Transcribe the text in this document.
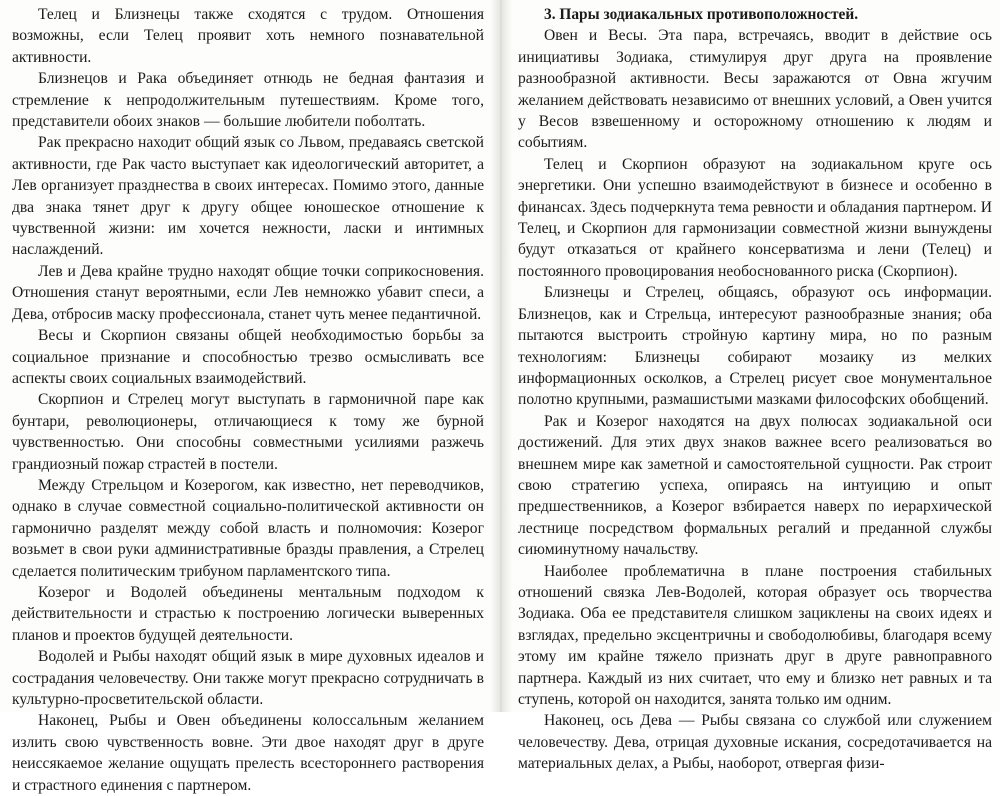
Телец и Близнецы также сходятся с трудом. Отношения возможны, если Телец проявит хоть немного познавательной активности.

Близнецов и Рака объединяет отнюдь не бедная фантазия и стремление к непродолжительным путешествиям. Кроме того, представители обоих знаков — большие любители поболтать.

Рак прекрасно находит общий язык со Львом, предаваясь светской активности, где Рак часто выступает как идеологический авторитет, а Лев организует празднества в своих интересах. Помимо этого, данные два знака тянет друг к другу общее юношеское отношение к чувственной жизни: им хочется нежности, ласки и интимных наслаждений.

Лев и Дева крайне трудно находят общие точки соприкосновения. Отношения станут вероятными, если Лев немножко убавит спеси, а Дева, отбросив маску профессионала, станет чуть менее педантичной.

Весы и Скорпион связаны общей необходимостью борьбы за социальное признание и способностью трезво осмысливать все аспекты своих социальных взаимодействий.

Скорпион и Стрелец могут выступать в гармоничной паре как бунтари, революционеры, отличающиеся к тому же бурной чувственностью. Они способны совместными усилиями разжечь грандиозный пожар страстей в постели.

Между Стрельцом и Козерогом, как известно, нет переводчиков, однако в случае совместной социально-политической активности он гармонично разделят между собой власть и полномочия: Козерог возьмет в свои руки административные бразды правления, а Стрелец сделается политическим трибуном парламентского типа.

Козерог и Водолей объединены ментальным подходом к действительности и страстью к построению логически выверенных планов и проектов будущей деятельности.

Водолей и Рыбы находят общий язык в мире духовных идеалов и сострадания человечеству. Они также могут прекрасно сотрудничать в культурно-просветительской области.

Наконец, Рыбы и Овен объединены колоссальным желанием излить свою чувственность вовне. Эти двое находят друг в друге неиссякаемое желание ощущать прелесть всестороннего растворения и страстного единения с партнером.

3. Пары зодиакальных противоположностей.

Овен и Весы. Эта пара, встречаясь, вводит в действие ось инициативы Зодиака, стимулируя друг друга на проявление разнообразной активности. Весы заражаются от Овна жгучим желанием действовать независимо от внешних условий, а Овен учится у Весов взвешенному и осторожному отношению к людям и событиям.

Телец и Скорпион образуют на зодиакальном круге ось энергетики. Они успешно взаимодействуют в бизнесе и особенно в финансах. Здесь подчеркнута тема ревности и обладания партнером. И Телец, и Скорпион для гармонизации совместной жизни вынуждены будут отказаться от крайнего консерватизма и лени (Телец) и постоянного провоцирования необоснованного риска (Скорпион).

Близнецы и Стрелец, общаясь, образуют ось информации. Близнецов, как и Стрельца, интересуют разнообразные знания; оба пытаются выстроить стройную картину мира, но по разным технологиям: Близнецы собирают мозаику из мелких информационных осколков, а Стрелец рисует свое монументальное полотно крупными, размашистыми мазками философских обобщений.

Рак и Козерог находятся на двух полюсах зодиакальной оси достижений. Для этих двух знаков важнее всего реализоваться во внешнем мире как заметной и самостоятельной сущности. Рак строит свою стратегию успеха, опираясь на интуицию и опыт предшественников, а Козерог взбирается наверх по иерархической лестнице посредством формальных регалий и преданной службы сиюминутному начальству.

Наиболее проблематична в плане построения стабильных отношений связка Лев-Водолей, которая образует ось творчества Зодиака. Оба ее представителя слишком зациклены на своих идеях и взглядах, предельно эксцентричны и свободолюбивы, благодаря всему этому им крайне тяжело признать друг в друге равноправного партнера. Каждый из них считает, что ему и близко нет равных и та ступень, которой он находится, занята только им одним.

Наконец, ось Дева — Рыбы связана со службой или служением человечеству. Дева, отрицая духовные искания, сосредотачивается на материальных делах, а Рыбы, наоборот, отвергая физи-
